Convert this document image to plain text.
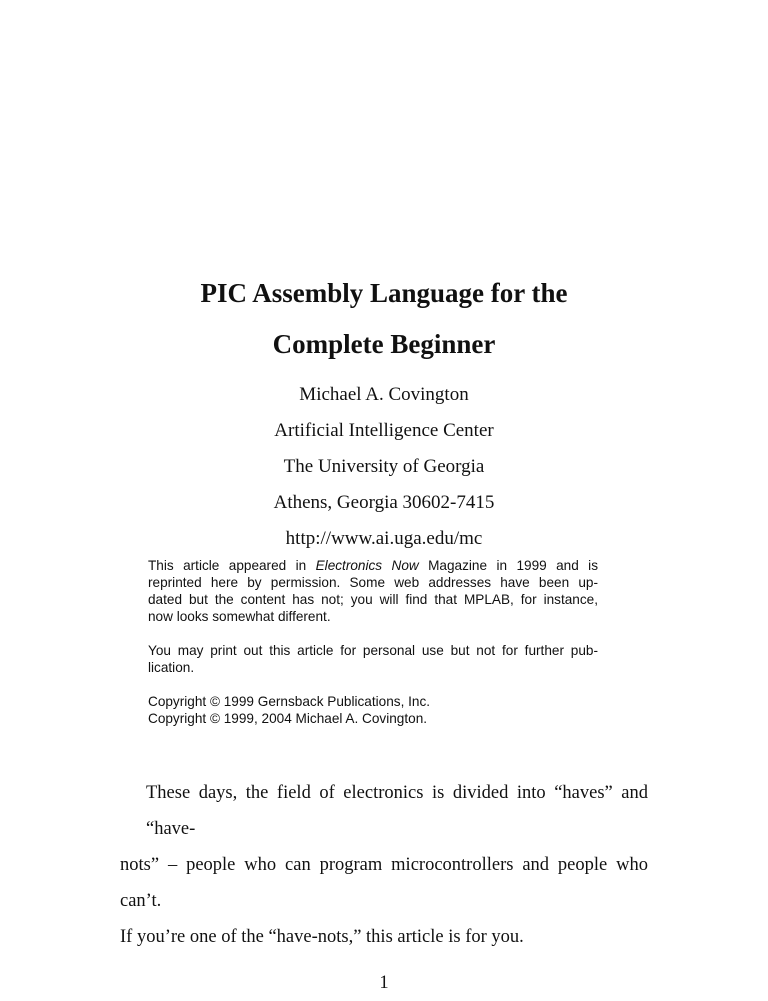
PIC Assembly Language for the
Complete Beginner
Michael A. Covington
Artificial Intelligence Center
The University of Georgia
Athens, Georgia 30602-7415
http://www.ai.uga.edu/mc

This article appeared in Electronics Now Magazine in 1999 and is
reprinted here by permission. Some web addresses have been up-
dated but the content has not; you will find that MPLAB, for instance,
now looks somewhat different.

You may print out this article for personal use but not for further pub-
lication.

Copyright © 1999 Gernsback Publications, Inc.
Copyright © 1999, 2004 Michael A. Covington.

These days, the field of electronics is divided into “haves” and “have-
nots” – people who can program microcontrollers and people who can’t.
If you’re one of the “have-nots,” this article is for you.
1
